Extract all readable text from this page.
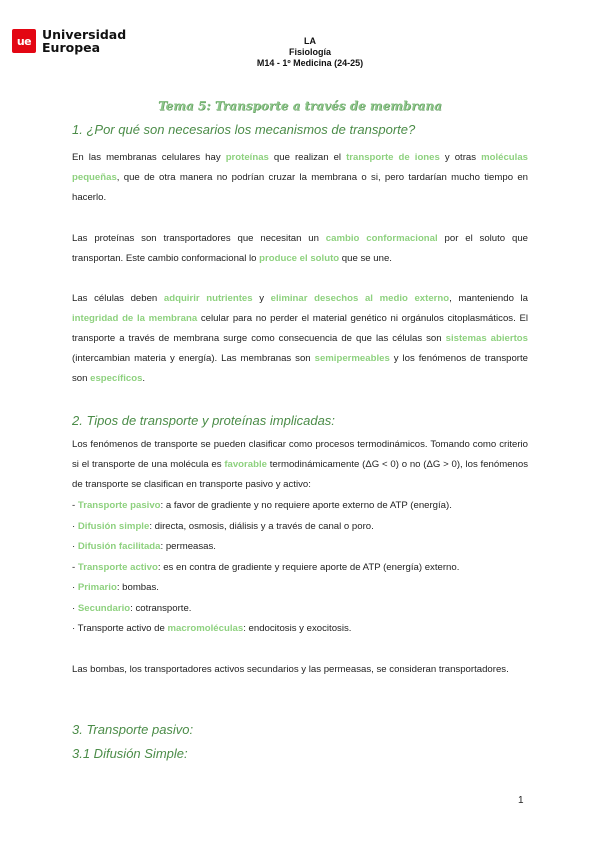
ue Universidad
Europea	LA
Fisiología
M14 - 1º Medicina (24-25)
Tema 5: Transporte a través de membrana
1. ¿Por qué son necesarios los mecanismos de transporte?
En las membranas celulares hay proteínas que realizan el transporte de iones y otras moléculas pequeñas, que de otra manera no podrían cruzar la membrana o si, pero tardarían mucho tiempo en hacerlo.
Las proteínas son transportadores que necesitan un cambio conformacional por el soluto que transportan. Este cambio conformacional lo produce el soluto que se une.
Las células deben adquirir nutrientes y eliminar desechos al medio externo, manteniendo la integridad de la membrana celular para no perder el material genético ni orgánulos citoplasmáticos. El transporte a través de membrana surge como consecuencia de que las células son sistemas abiertos (intercambian materia y energía). Las membranas son semipermeables y los fenómenos de transporte son específicos.
2. Tipos de transporte y proteínas implicadas:
Los fenómenos de transporte se pueden clasificar como procesos termodinámicos. Tomando como criterio si el transporte de una molécula es favorable termodinámicamente (ΔG < 0) o no (ΔG > 0), los fenómenos de transporte se clasifican en transporte pasivo y activo:
- Transporte pasivo: a favor de gradiente y no requiere aporte externo de ATP (energía).
· Difusión simple: directa, osmosis, diálisis y a través de canal o poro.
· Difusión facilitada: permeasas.
- Transporte activo: es en contra de gradiente y requiere aporte de ATP (energía) externo.
· Primario: bombas.
· Secundario: cotransporte.
· Transporte activo de macromoléculas: endocitosis y exocitosis.
Las bombas, los transportadores activos secundarios y las permeasas, se consideran transportadores.
3. Transporte pasivo:
3.1 Difusión Simple:
1
